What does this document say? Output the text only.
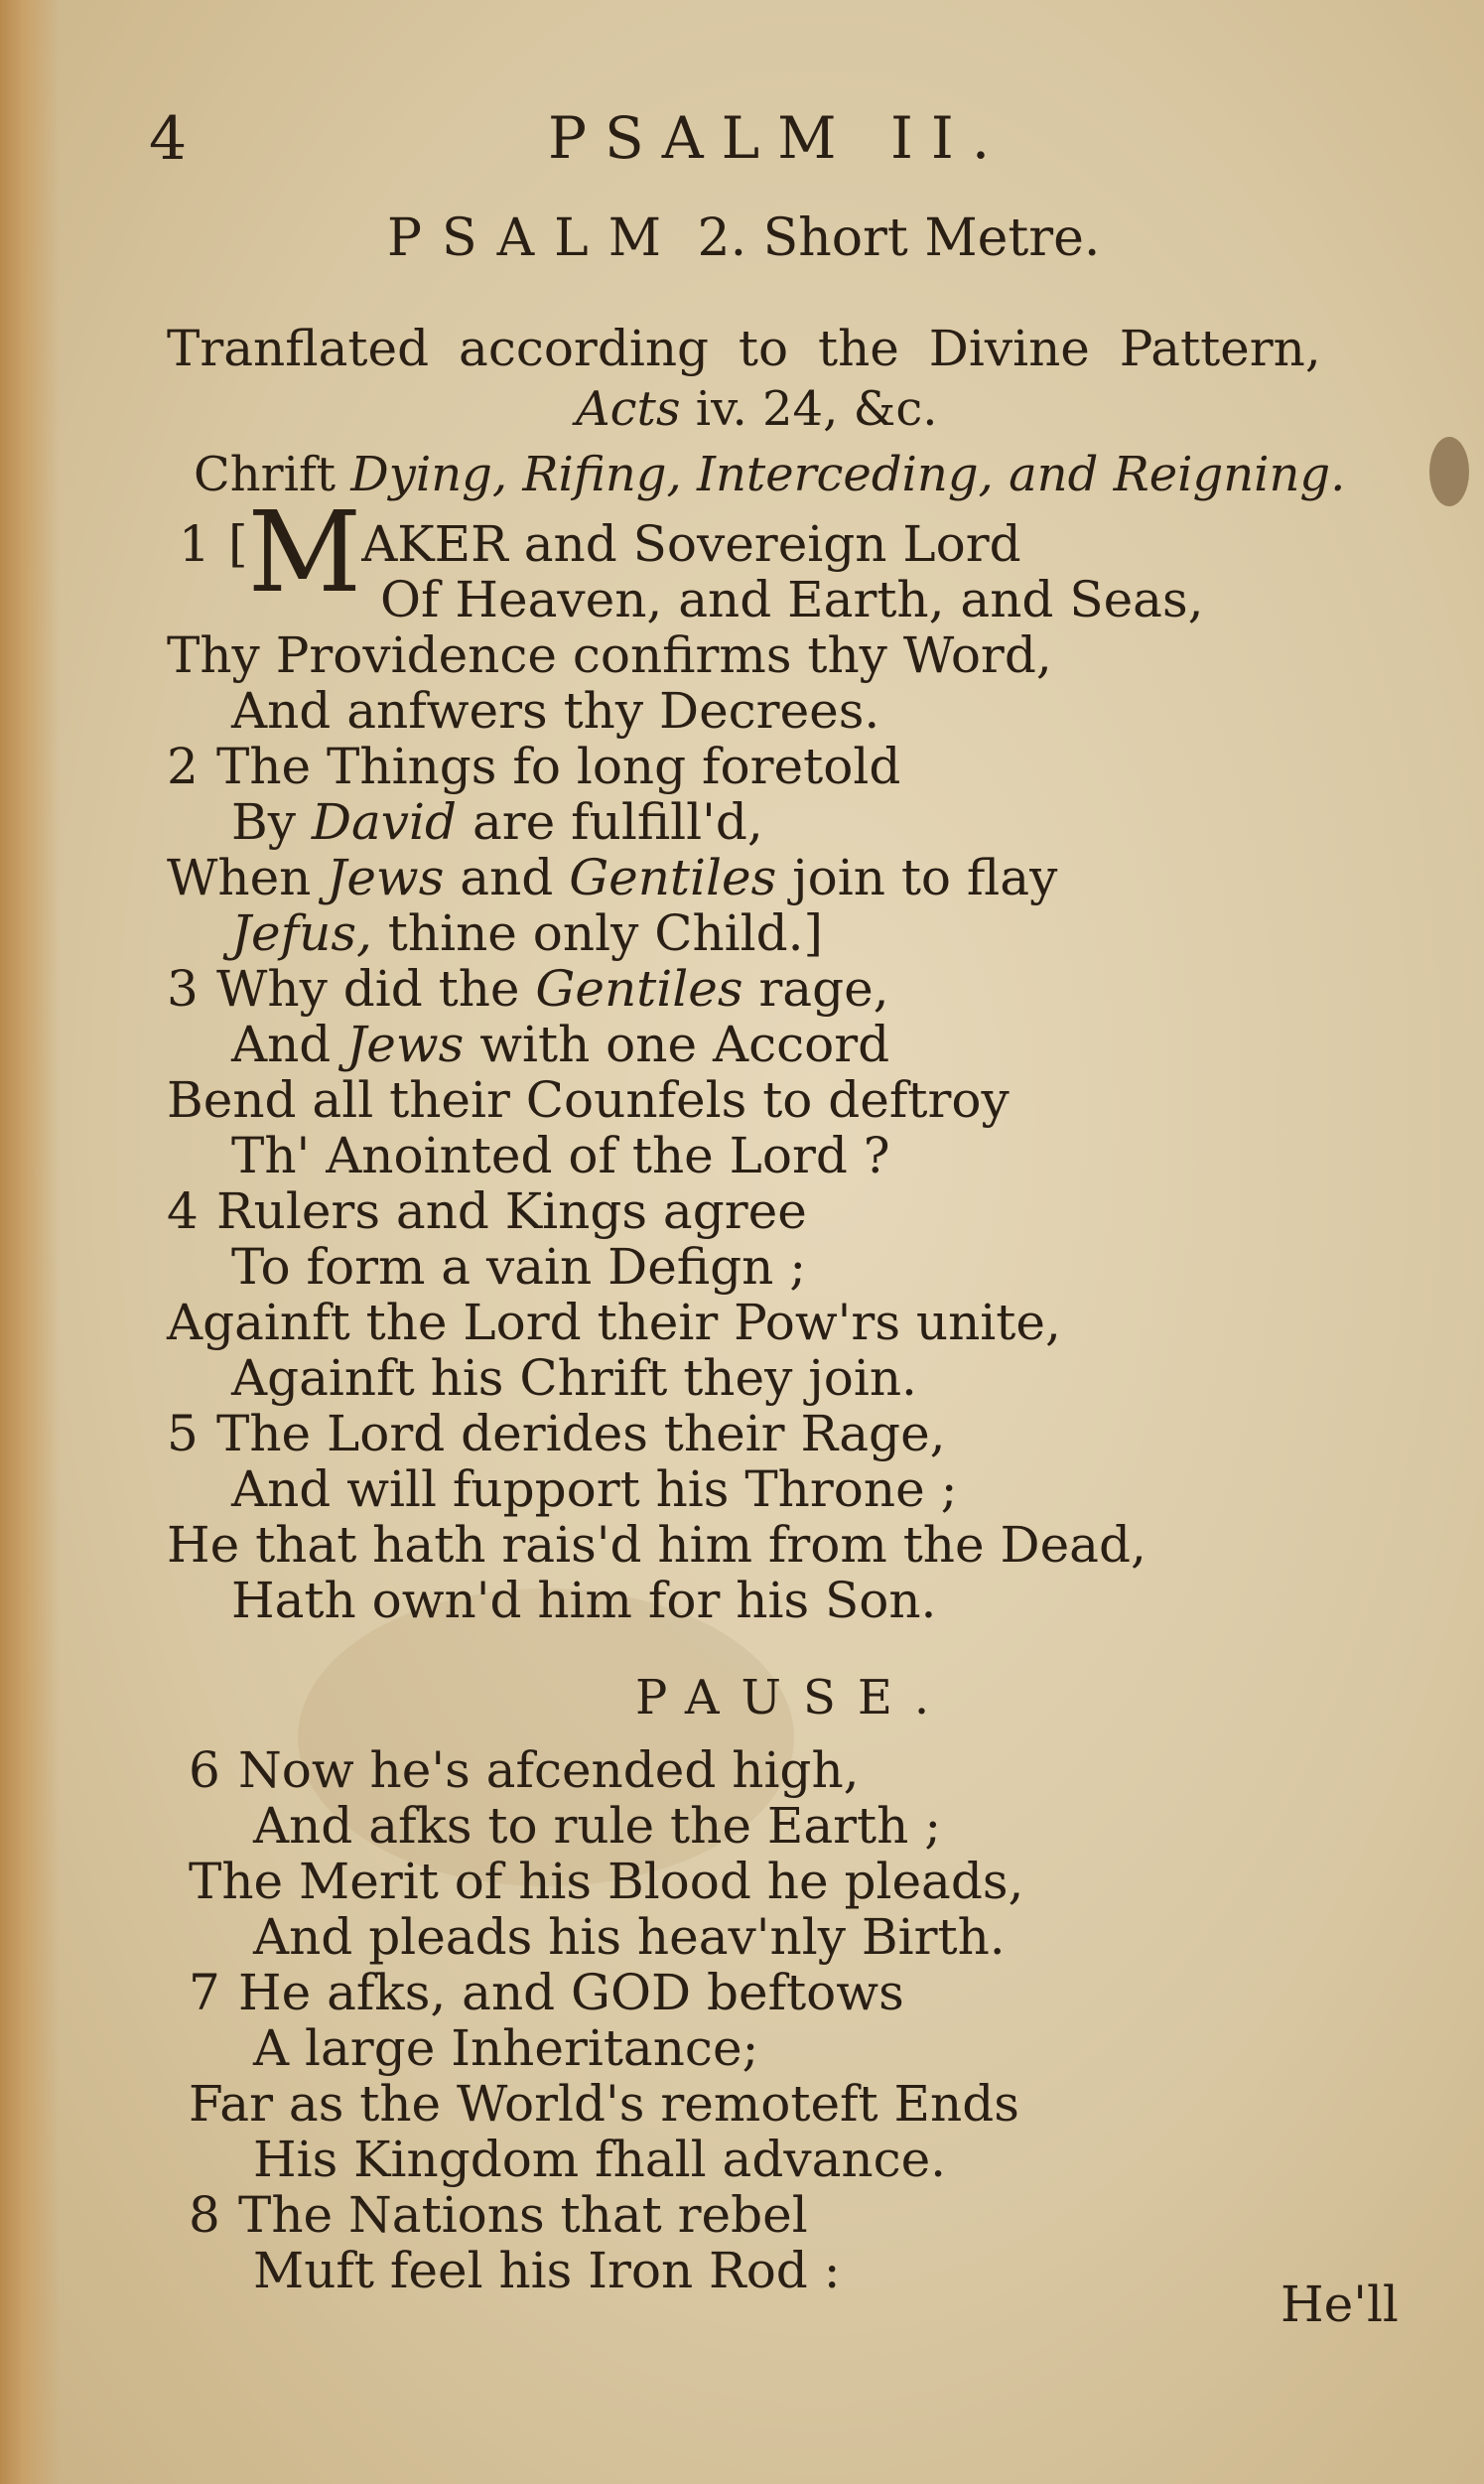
4	PSALM II.
PSALM 2. Short Metre.
Tranflated according to the Divine Pattern,
Acts iv. 24, &c.
Chrift Dying, Rifing, Interceding, and Reigning.
1 [MAKER and Sovereign Lord
Of Heaven, and Earth, and Seas,
Thy Providence confirms thy Word,
And anfwers thy Decrees.
2 The Things fo long foretold
By David are fulfill'd,
When Jews and Gentiles join to flay
Jefus, thine only Child.]
3 Why did the Gentiles rage,
And Jews with one Accord
Bend all their Counfels to deftroy
Th' Anointed of the Lord ?
4 Rulers and Kings agree
To form a vain Defign ;
Againft the Lord their Pow'rs unite,
Againft his Chrift they join.
5 The Lord derides their Rage,
And will fupport his Throne ;
He that hath rais'd him from the Dead,
Hath own'd him for his Son.
PAUSE.
6 Now he's afcended high,
And afks to rule the Earth ;
The Merit of his Blood he pleads,
And pleads his heav'nly Birth.
7 He afks, and GOD beftows
A large Inheritance;
Far as the World's remoteft Ends
His Kingdom fhall advance.
8 The Nations that rebel
Muft feel his Iron Rod :
He'll
